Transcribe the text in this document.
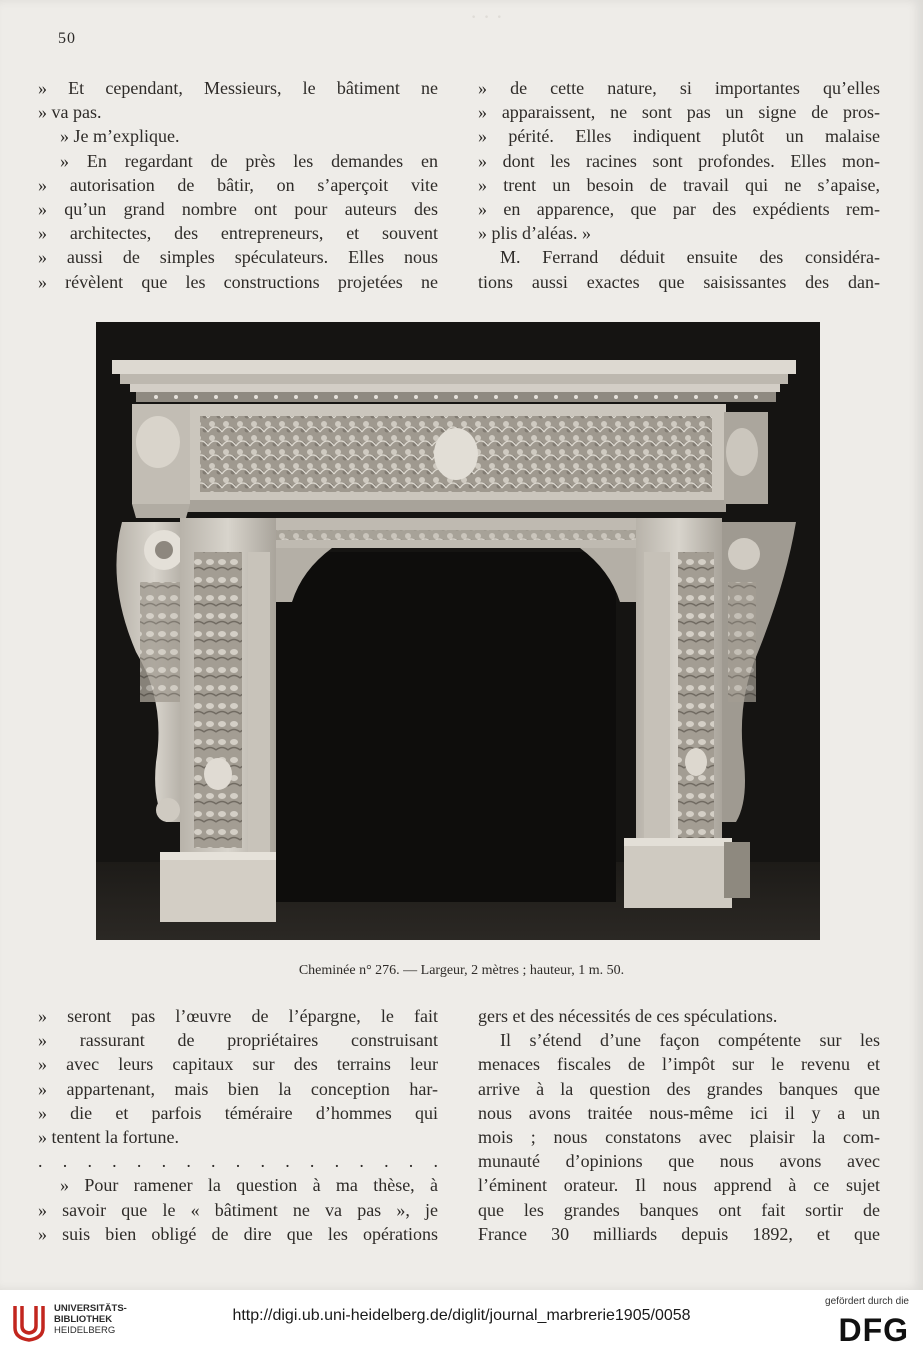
· · ·
50
» Et cependant, Messieurs, le bâtiment ne
» va pas.
» Je m’explique.
» En regardant de près les demandes en
» autorisation de bâtir, on s’aperçoit vite
» qu’un grand nombre ont pour auteurs des
» architectes, des entrepreneurs, et souvent
» aussi de simples spéculateurs. Elles nous
» révèlent que les constructions projetées ne
» de cette nature, si importantes qu’elles
» apparaissent, ne sont pas un signe de pros-
» périté. Elles indiquent plutôt un malaise
» dont les racines sont profondes. Elles mon-
» trent un besoin de travail qui ne s’apaise,
» en apparence, que par des expédients rem-
» plis d’aléas. »
M. Ferrand déduit ensuite des considéra-
tions aussi exactes que saisissantes des dan-
Cheminée n° 276. — Largeur, 2 mètres ; hauteur, 1 m. 50.
» seront pas l’œuvre de l’épargne, le fait
» rassurant de propriétaires construisant
» avec leurs capitaux sur des terrains leur
» appartenant, mais bien la conception har-
» die et parfois téméraire d’hommes qui
» tentent la fortune.
. . . . . . . . . . . . . . . . .
» Pour ramener la question à ma thèse, à
» savoir que le « bâtiment ne va pas », je
» suis bien obligé de dire que les opérations
gers et des nécessités de ces spéculations.
Il s’étend d’une façon compétente sur les
menaces fiscales de l’impôt sur le revenu et
arrive à la question des grandes banques que
nous avons traitée nous-même ici il y a un
mois ; nous constatons avec plaisir la com-
munauté d’opinions que nous avons avec
l’éminent orateur. Il nous apprend à ce sujet
que les grandes banques ont fait sortir de
France 30 milliards depuis 1892, et que
UNIVERSITÄTS-
BIBLIOTHEK
HEIDELBERG
http://digi.ub.uni-heidelberg.de/diglit/journal_marbrerie1905/0058
gefördert durch die
DFG
